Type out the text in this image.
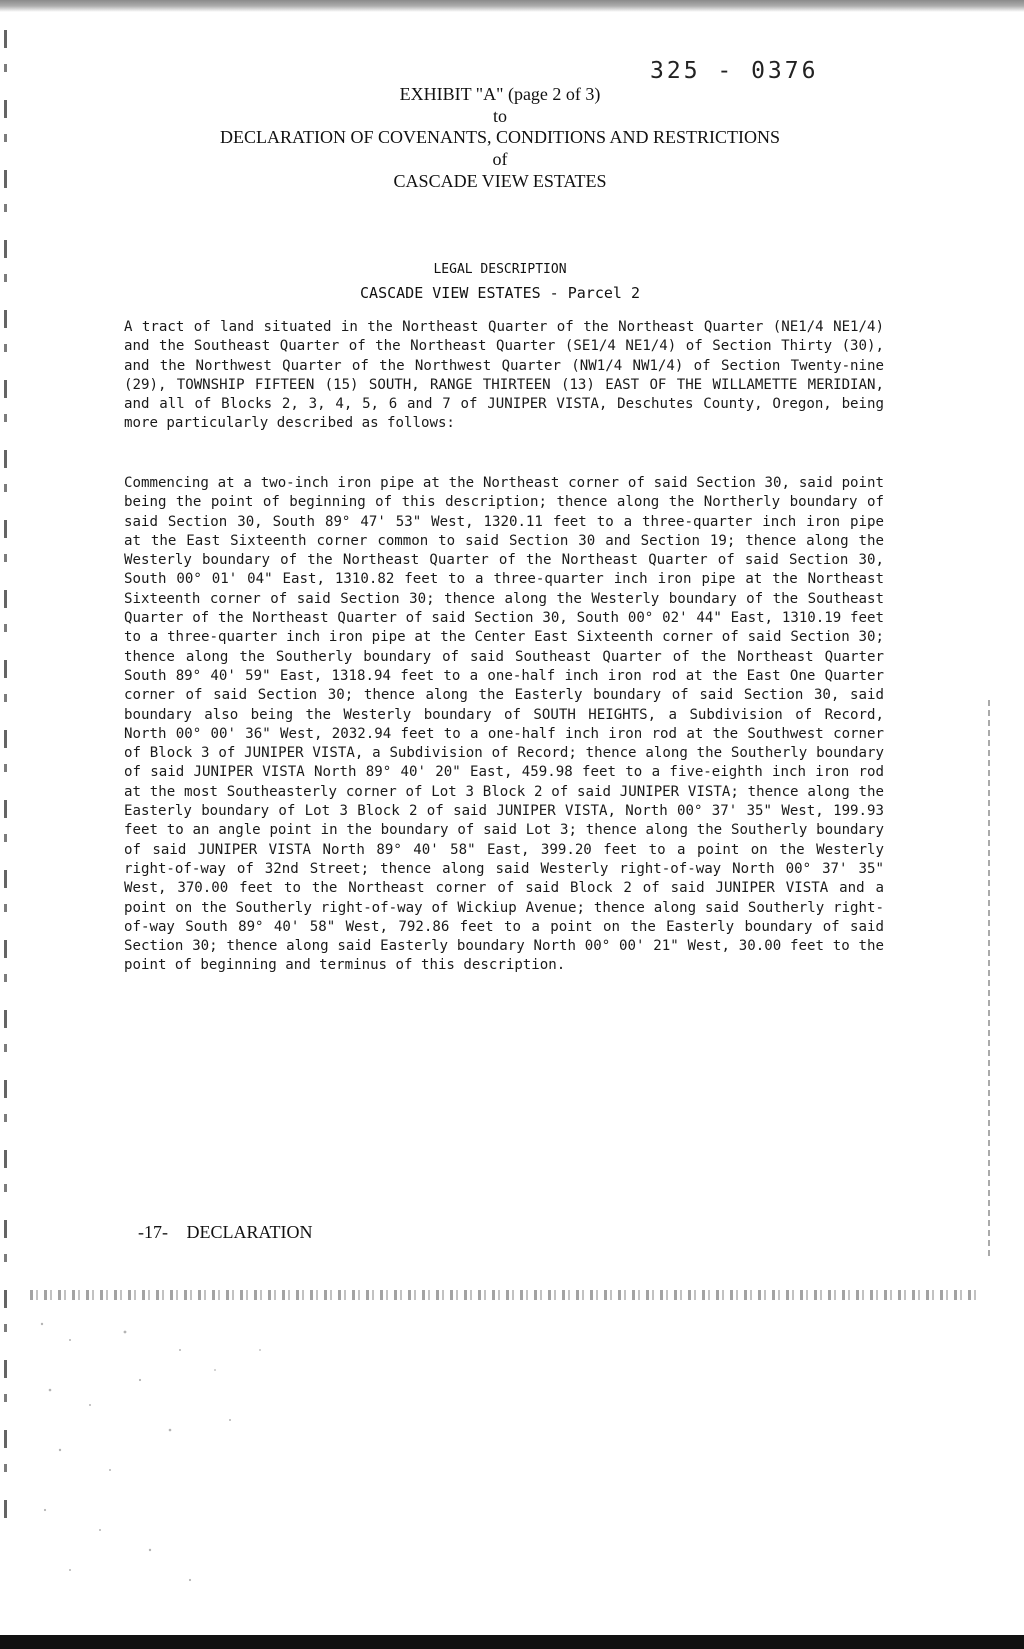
325 - 0376
EXHIBIT "A" (page 2 of 3)
to
DECLARATION OF COVENANTS, CONDITIONS AND RESTRICTIONS
of
CASCADE VIEW ESTATES
LEGAL DESCRIPTION
CASCADE VIEW ESTATES - Parcel 2

A tract of land situated in the Northeast Quarter of the Northeast Quarter (NE1/4 NE1/4) and the Southeast Quarter of the Northeast Quarter (SE1/4 NE1/4) of Section Thirty (30), and the Northwest Quarter of the Northwest Quarter (NW1/4 NW1/4) of Section Twenty-nine (29), TOWNSHIP FIFTEEN (15) SOUTH, RANGE THIRTEEN (13) EAST OF THE WILLAMETTE MERIDIAN, and all of Blocks 2, 3, 4, 5, 6 and 7 of JUNIPER VISTA, Deschutes County, Oregon, being more particularly described as follows:

Commencing at a two-inch iron pipe at the Northeast corner of said Section 30, said point being the point of beginning of this description; thence along the Northerly boundary of said Section 30, South 89° 47' 53" West, 1320.11 feet to a three-quarter inch iron pipe at the East Sixteenth corner common to said Section 30 and Section 19; thence along the Westerly boundary of the Northeast Quarter of the Northeast Quarter of said Section 30, South 00° 01' 04" East, 1310.82 feet to a three-quarter inch iron pipe at the Northeast Sixteenth corner of said Section 30; thence along the Westerly boundary of the Southeast Quarter of the Northeast Quarter of said Section 30, South 00° 02' 44" East, 1310.19 feet to a three-quarter inch iron pipe at the Center East Sixteenth corner of said Section 30; thence along the Southerly boundary of said Southeast Quarter of the Northeast Quarter South 89° 40' 59" East, 1318.94 feet to a one-half inch iron rod at the East One Quarter corner of said Section 30; thence along the Easterly boundary of said Section 30, said boundary also being the Westerly boundary of SOUTH HEIGHTS, a Subdivision of Record, North 00° 00' 36" West, 2032.94 feet to a one-half inch iron rod at the Southwest corner of Block 3 of JUNIPER VISTA, a Subdivision of Record; thence along the Southerly boundary of said JUNIPER VISTA North 89° 40' 20" East, 459.98 feet to a five-eighth inch iron rod at the most Southeasterly corner of Lot 3 Block 2 of said JUNIPER VISTA; thence along the Easterly boundary of Lot 3 Block 2 of said JUNIPER VISTA, North 00° 37' 35" West, 199.93 feet to an angle point in the boundary of said Lot 3; thence along the Southerly boundary of said JUNIPER VISTA North 89° 40' 58" East, 399.20 feet to a point on the Westerly right-of-way of 32nd Street; thence along said Westerly right-of-way North 00° 37' 35" West, 370.00 feet to the Northeast corner of said Block 2 of said JUNIPER VISTA and a point on the Southerly right-of-way of Wickiup Avenue; thence along said Southerly right-of-way South 89° 40' 58" West, 792.86 feet to a point on the Easterly boundary of said Section 30; thence along said Easterly boundary North 00° 00' 21" West, 30.00 feet to the point of beginning and terminus of this description.

-17- DECLARATION
